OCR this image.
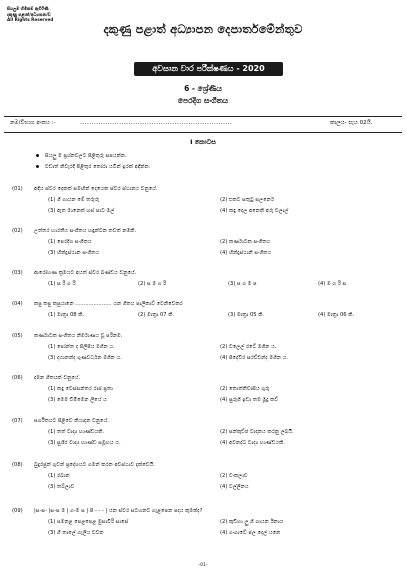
සියලුම හිමිකම් ඇවිරිණි
දකුණු පළාත්/අධ්‍යාපන/ඩ
All Rights Reserved
දකුණු පළාත් අධ්‍යාපන දෙපාර්තමේන්තුව
අවසාන වාර පරීක්ෂණය - 2020
6 - ශ්‍රේණිය
පෙරදිග සංගීතය
නම/විභාග අංකය :-	..................................................................	කාලය- පැය 02යි.
I කොටස
සියලු ම ප්‍රශ්නවලට පිළිතුරු සපයන්න.
වඩාත් නිවැරදි පිළිතුර තෝරා යටින් ඉරක් අඳින්න.
(01) අඳිය ස්වර දෙකක් සමඟින් දෙයෙක ස්වර ස්ථානය වනුයේ.
(1) ගී ගායන මේ තරුරු	(2) එකට සතුටු සලනෙර්
(3) ඇත මානෙක් හස් පාට මල්	(4) කඳු දෙල අනෙකි අරු වලාල්
(02) උත්තර භාරතීය සංගීතය හඳුන්වන තවත් නමකි.
(1) පෙරදිග සංගීතය	(2) කර්ණාටක සංගීතය
(3) හින්දුස්ථාන සංගීතය	(4) හින්දුස්ථානි සංගීතය
(03) ආරෝහණ ක්‍රමයට අයත් ස්වර ඛණ්ඩය වනුයේ.
(1) ස රි ග රි	(2) ස ම ග රි	(3) ස ග ම ප	(4) ම ග රි ස
(04) කපු කපු කපුයානෙ ...................... යන ගීතය පාලිකාව් වෙනිවෙකර
(1) මාත්‍රා 08 කි.	(2) මාත්‍රා 07 කි.	(3) මාත්‍රා 05 කි.	(4) මාත්‍රා 06 කි.
(05) කර්ණාටක සංගීතය නිර්මාණය වූ පරිනම.
(1) පෝන්ත ද පිලිපිය මගින ය.	(2) වලෙල් රටේ මගින ය.
(3) දයානන්ද ගුණවර්ධන මගින ය.	(4) පිදේවීර සරච්චන්ද මගින ය.
(06) දමන ගීතයක් වනුයේ.
(1) කඳු වෙස්සන්තර රාජ ප්‍රතා	(2) තොත්තිවාසිය ගුරු
(3) මෙම විමිමෙන ලියේ ය	(4) සුරුගි ඉඩා තම මූදු කව්
(07) සර්ගීතයට පිළිවෙ කියාදන වනුයේ.
(1) තත් වාද්‍ය භාණ්ඩයකි.	(2) සන්කුච්ඡ වාදනය කරනු ලබයි.
(3) සුශිර වාද්‍ය භාණ්ඩ සමූහය ය.	(4) අවනද්ධ වාද්‍ය භාණ්ඩයකි.
(08) බුදුරජුන් ගුවන් ප්‍රදේශයට ගමන් කරන අවස්ථාව දැක්වෙයි.
(1) රබාන	(2) වංකලාව
(3) තබ්ලාව	(4) වල්ලිනය
(09) |ස-ස- |ස-ස ම | ග-ම ස | පි - - - | යන ස්වර සටහනට ගැළපෙන පදය කුමක්ද?
(1) සමනළ පෙළපෙළ මුසාවිරි සාසේ	(2) කුඩිහා ලු ගී ගායන ඊනාය
(3) ගී තාලේ ගැලිය වවන	(4) ගංගාවේ ජල දෙල් යනෙ
-01-
